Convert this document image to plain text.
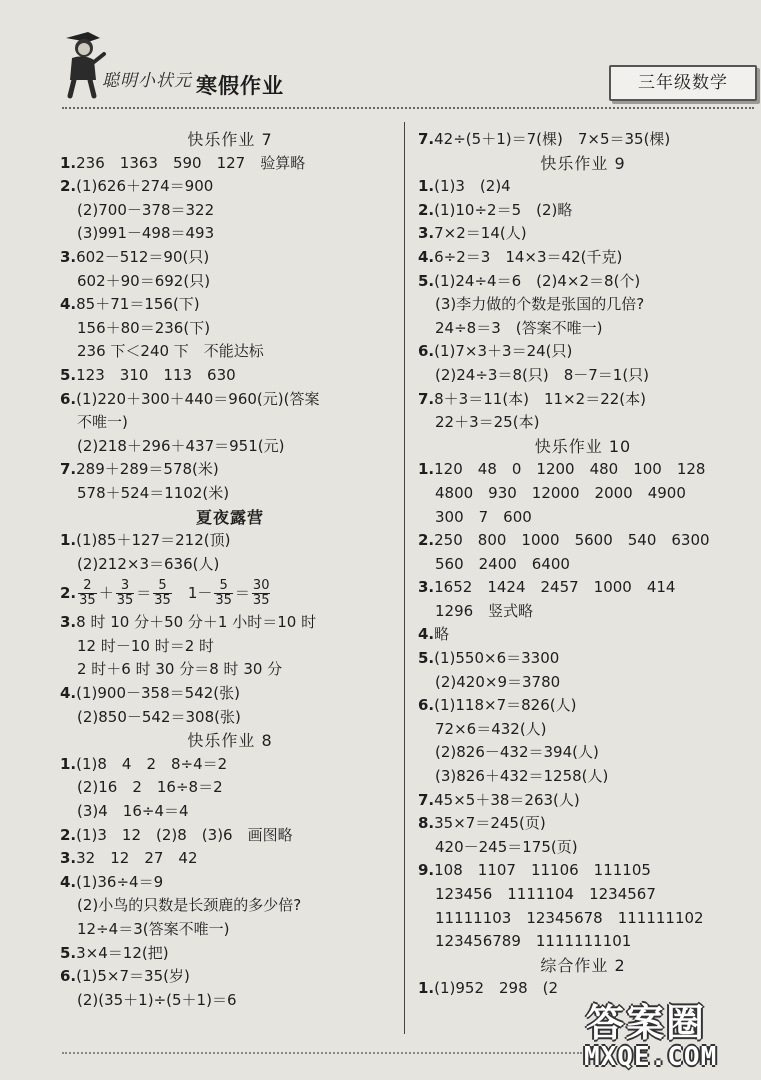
聪明小状元 寒假作业	三年级数学
快乐作业 7
1.236　1363　590　127　验算略
2.(1)626＋274＝900
(2)700－378＝322
(3)991－498＝493
3.602－512＝90(只)
602＋90＝692(只)
4.85＋71＝156(下)
156＋80＝236(下)
236 下＜240 下　不能达标
5.123　310　113　630
6.(1)220＋300＋440＝960(元)(答案
不唯一)
(2)218＋296＋437＝951(元)
7.289＋289＝578(米)
578＋524＝1102(米)
夏夜露营
1.(1)85＋127＝212(顶)
(2)212×3＝636(人)
2. $\frac{2}{35} + \frac{3}{35} = \frac{5}{35} 1- \frac{5}{35} = \frac{30}{35}$
3.8 时 10 分＋50 分＋1 小时＝10 时
12 时－10 时＝2 时
2 时＋6 时 30 分＝8 时 30 分
4.(1)900－358＝542(张)
(2)850－542＝308(张)
快乐作业 8
1.(1)8　4　2　8÷4＝2
(2)16　2　16÷8＝2
(3)4　16÷4＝4
2.(1)3　12　(2)8　(3)6　画图略
3.32　12　27　42
4.(1)36÷4＝9
(2)小鸟的只数是长颈鹿的多少倍?
12÷4＝3(答案不唯一)
5.3×4＝12(把)
6.(1)5×7＝35(岁)
(2)(35＋1)÷(5＋1)＝6
7.42÷(5＋1)＝7(棵)　7×5＝35(棵)
快乐作业 9
1.(1)3　(2)4
2.(1)10÷2＝5　(2)略
3.7×2＝14(人)
4.6÷2＝3　14×3＝42(千克)
5.(1)24÷4＝6　(2)4×2＝8(个)
(3)李力做的个数是张国的几倍?
24÷8＝3　(答案不唯一)
6.(1)7×3＋3＝24(只)
(2)24÷3＝8(只)　8－7＝1(只)
7.8＋3＝11(本)　11×2＝22(本)
22＋3＝25(本)
快乐作业 10
1.120　48　0　1200　480　100　128
4800　930　12000　2000　4900
300　7　600
2.250　800　1000　5600　540　6300
560　2400　6400
3.1652　1424　2457　1000　414
1296　竖式略
4.略
5.(1)550×6＝3300
(2)420×9＝3780
6.(1)118×7＝826(人)
72×6＝432(人)
(2)826－432＝394(人)
(3)826＋432＝1258(人)
7.45×5＋38＝263(人)
8.35×7＝245(页)
420－245＝175(页)
9.108　1107　11106　111105
123456　1111104　1234567
11111103　12345678　111111102
123456789　1111111101
综合作业 2
1.(1)952　298　(2
答案圈
MXQE.COM
